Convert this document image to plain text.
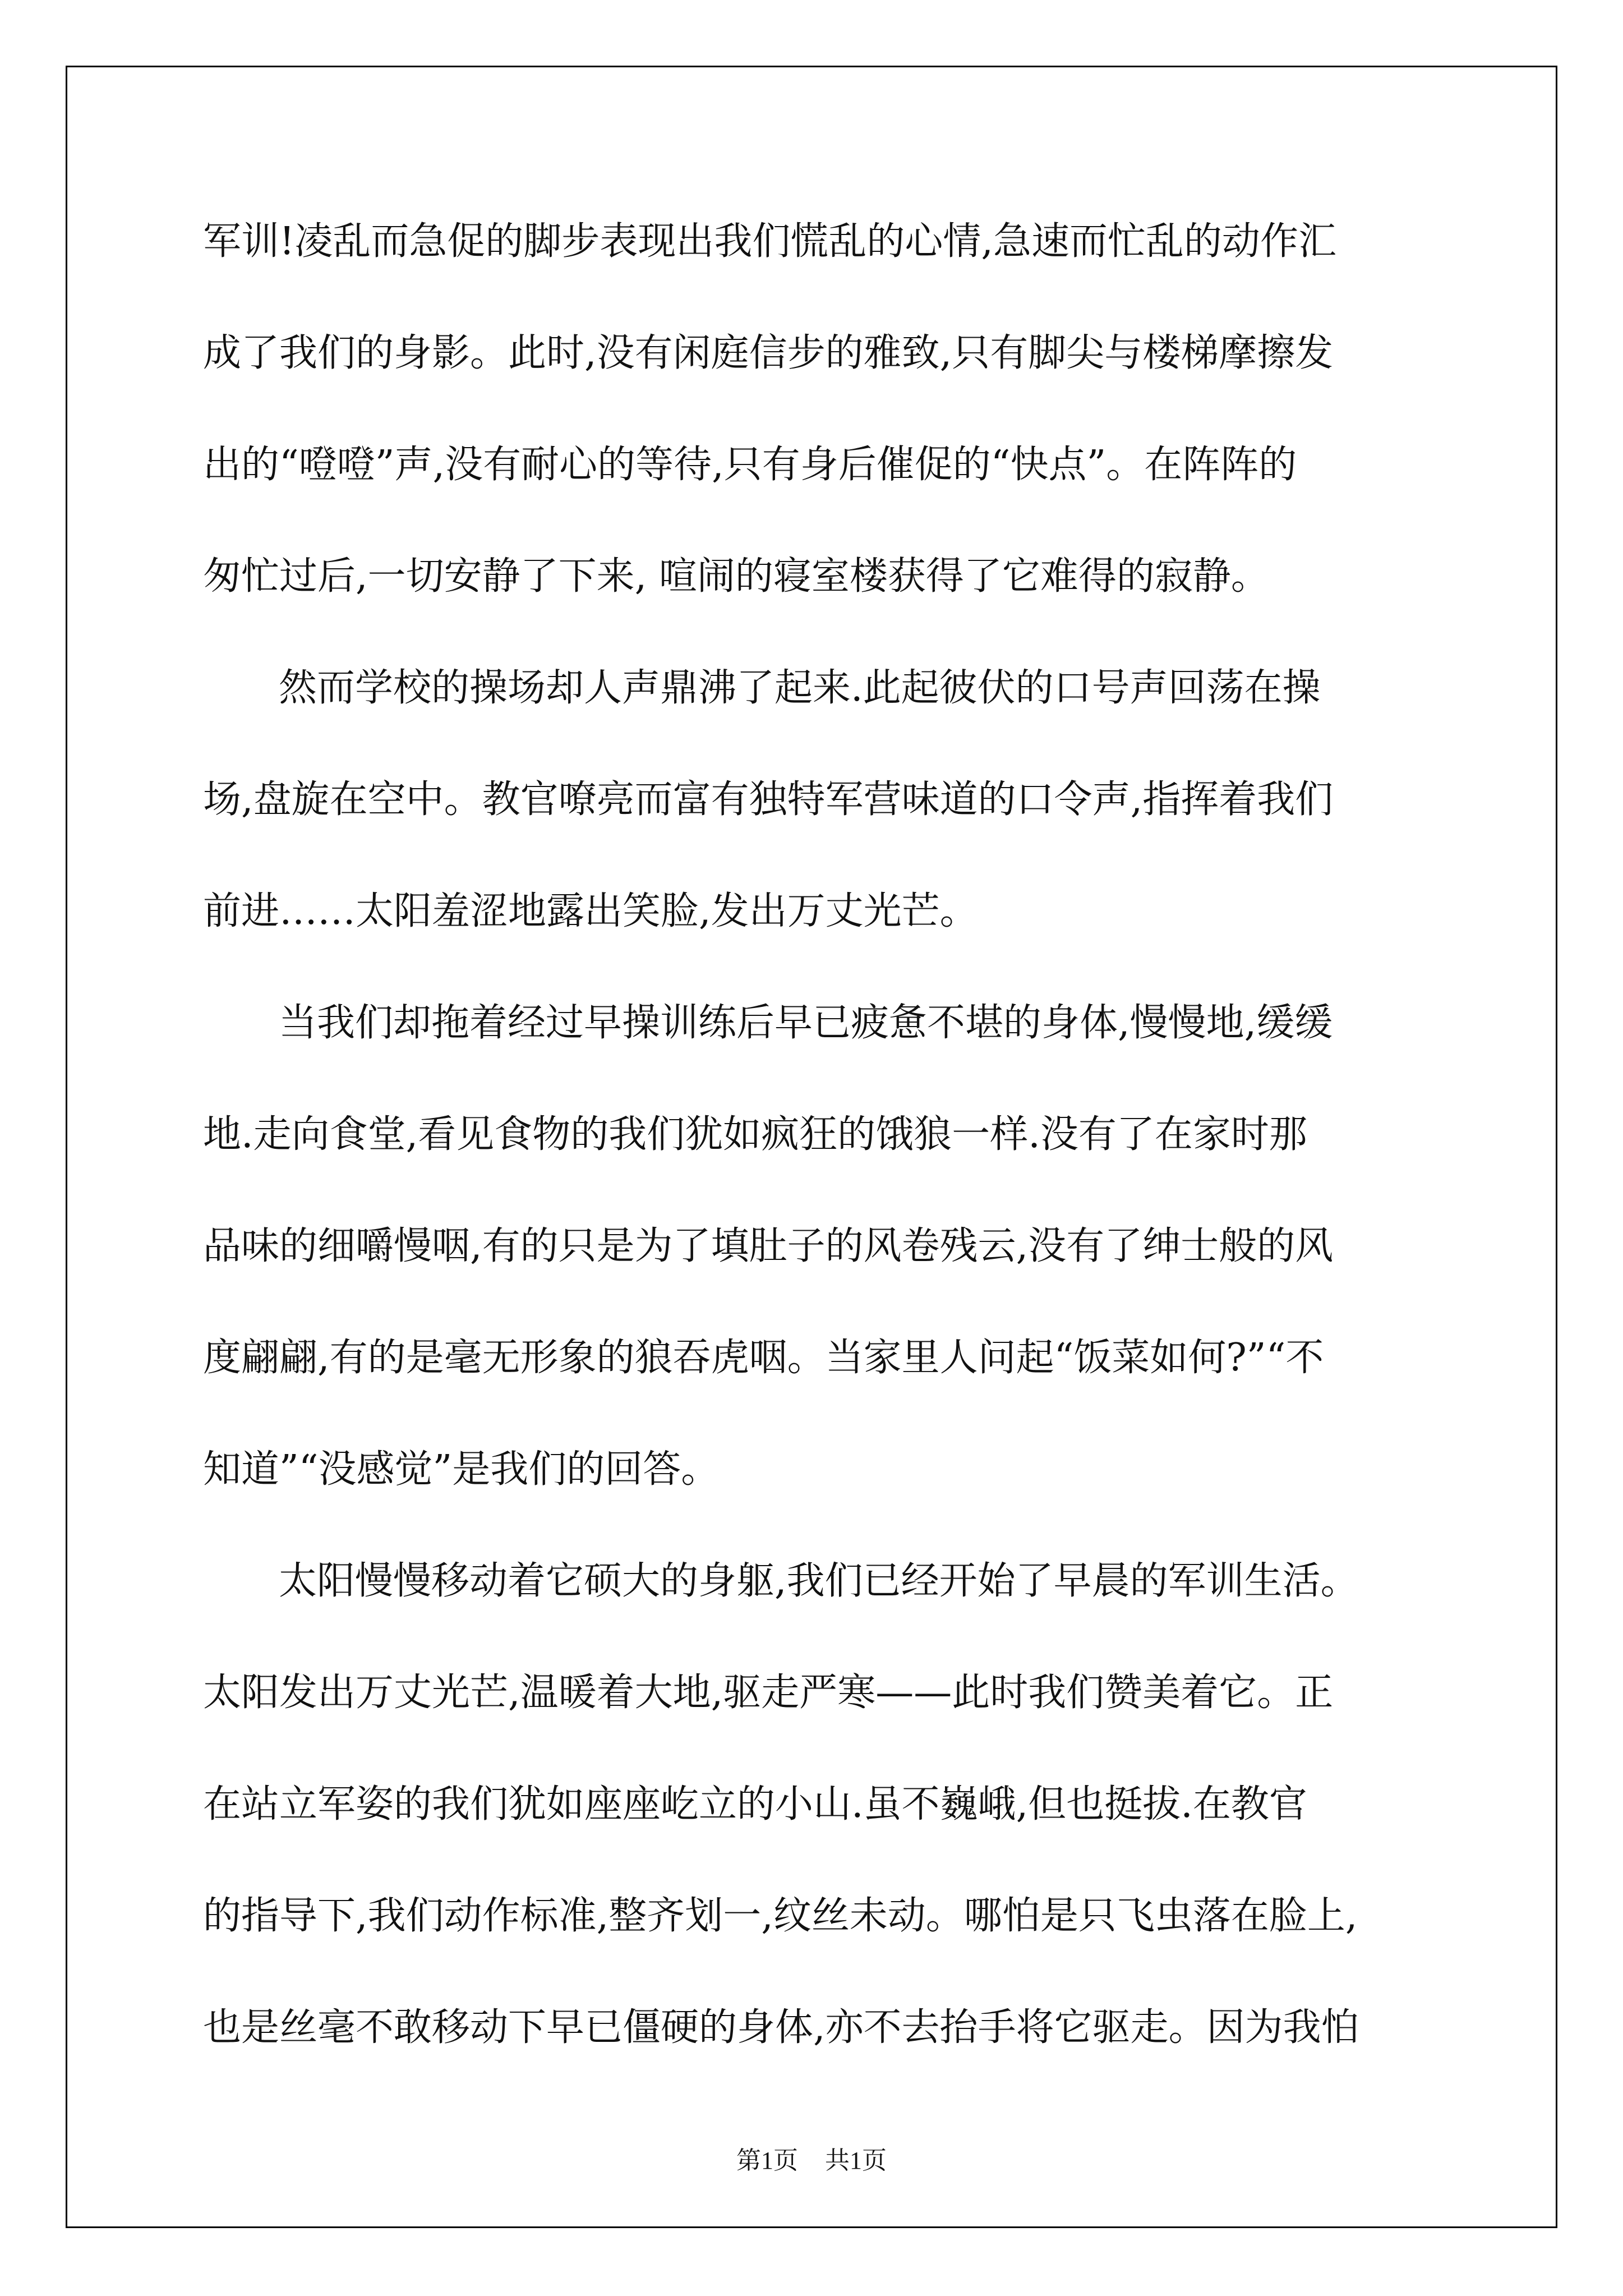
军训!凌乱而急促的脚步表现出我们慌乱的心情,急速而忙乱的动作汇
成了我们的身影。此时,没有闲庭信步的雅致,只有脚尖与楼梯摩擦发
出的“噔噔”声,没有耐心的等待,只有身后催促的“快点”。在阵阵的
匆忙过后,一切安静了下来, 喧闹的寝室楼获得了它难得的寂静。
然而学校的操场却人声鼎沸了起来.此起彼伏的口号声回荡在操
场,盘旋在空中。教官嘹亮而富有独特军营味道的口令声,指挥着我们
前进……太阳羞涩地露出笑脸,发出万丈光芒。
当我们却拖着经过早操训练后早已疲惫不堪的身体,慢慢地,缓缓
地.走向食堂,看见食物的我们犹如疯狂的饿狼一样.没有了在家时那
品味的细嚼慢咽,有的只是为了填肚子的风卷残云,没有了绅士般的风
度翩翩,有的是毫无形象的狼吞虎咽。当家里人问起“饭菜如何?”“不
知道”“没感觉”是我们的回答。
太阳慢慢移动着它硕大的身躯,我们已经开始了早晨的军训生活。
太阳发出万丈光芒,温暖着大地,驱走严寒——此时我们赞美着它。正
在站立军姿的我们犹如座座屹立的小山.虽不巍峨,但也挺拔.在教官
的指导下,我们动作标准,整齐划一,纹丝未动。哪怕是只飞虫落在脸上,
也是丝毫不敢移动下早已僵硬的身体,亦不去抬手将它驱走。因为我怕
第1页 共1页
